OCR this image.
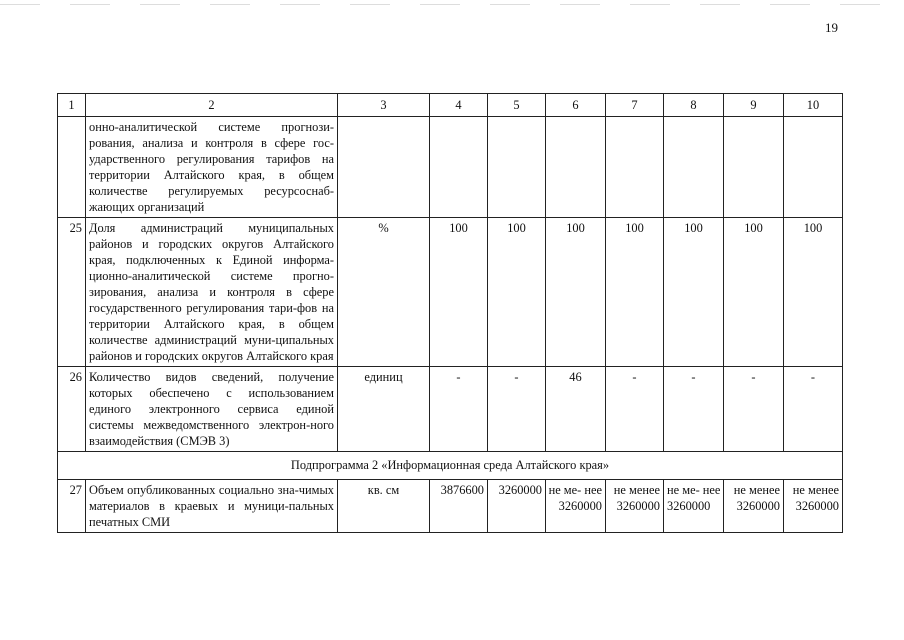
19
1	2	3	4	5	6	7	8	9	10
	онно-аналитической системе прогнози-рования, анализа и контроля в сфере гос-ударственного регулирования тарифов на территории Алтайского края, в общем количестве регулируемых ресурсоснаб-жающих организаций								
25	Доля администраций муниципальных районов и городских округов Алтайского края, подключенных к Единой информа-ционно-аналитической системе прогно-зирования, анализа и контроля в сфере государственного регулирования тари-фов на территории Алтайского края, в общем количестве администраций муни-ципальных районов и городских округов Алтайского края	%	100	100	100	100	100	100	100
26	Количество видов сведений, получение которых обеспечено с использованием единого электронного сервиса единой системы межведомственного электрон-ного взаимодействия (СМЭВ 3)	единиц	-	-	46	-	-	-	-
Подпрограмма 2 «Информационная среда Алтайского края»									
27	Объем опубликованных социально зна-чимых материалов в краевых и муници-пальных печатных СМИ	кв. см	3876600	3260000	не ме- нее 3260000	не менее 3260000	не ме- нее 3260000	не менее 3260000	не менее 3260000
